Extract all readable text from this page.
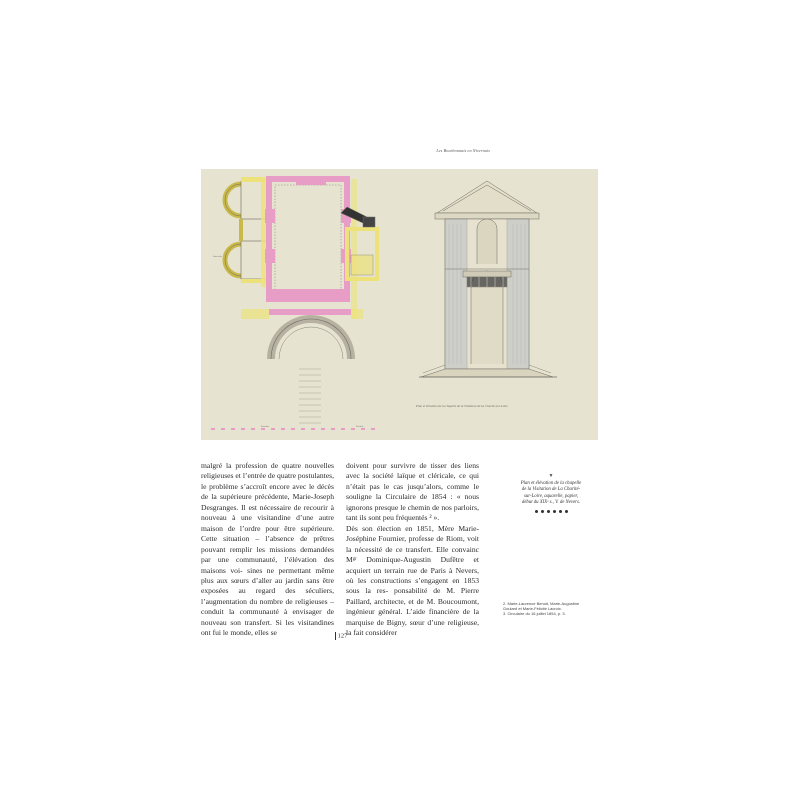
Les Bourbonnais en Nivernais
Plan et élévation de la chapelle de la Visitation de La Charité-sur-Loire
Sacristie
Parloir
Escalier

malgré la profession de quatre nouvelles religieuses et l’entrée de quatre postulantes, le problème s’accroît encore avec le décès de la supérieure précédente, Marie-Joseph Desgranges. Il est nécessaire de recourir à nouveau à une visitandine d’une autre maison de l’ordre pour être supérieure. Cette situation – l’absence de prêtres pouvant remplir les missions demandées par une communauté, l’élévation des maisons voi- sines ne permettant même plus aux sœurs d’aller au jardin sans être exposées au regard des séculiers, l’augmentation du nombre de religieuses – conduit la communauté à envisager de nouveau son transfert. Si les visitandines ont fui le monde, elles se

doivent pour survivre de tisser des liens avec la société laïque et cléricale, ce qui n’était pas le cas jusqu’alors, comme le souligne la Circulaire de 1854 : « nous ignorons presque le chemin de nos parloirs, tant ils sont peu fréquentés ² ».

Dès son élection en 1851, Mère Marie- Joséphine Fournier, professe de Riom, voit la nécessité de ce transfert. Elle convainc Mᵍʳ Dominique-Augustin Dufêtre et acquiert un terrain rue de Paris à Nevers, où les constructions s’engagent en 1853 sous la res- ponsabilité de M. Pierre Paillard, architecte, et de M. Boucoumont, ingénieur général. L’aide financière de la marquise de Bigny, sœur d’une religieuse, la fait considérer

▼
Plan et élévation de la chapelle
de la Visitation de La Charité-
sur-Loire, aquarelle, papier,
début du XIXᵉ s., V. de Nevers.
2. Marie-Laurence Benoit, Marie-Augustine
Goulard et Marie-Félicité Lacroix.
3. Circulaire du 16 juillet 1854, p. 3.
127
